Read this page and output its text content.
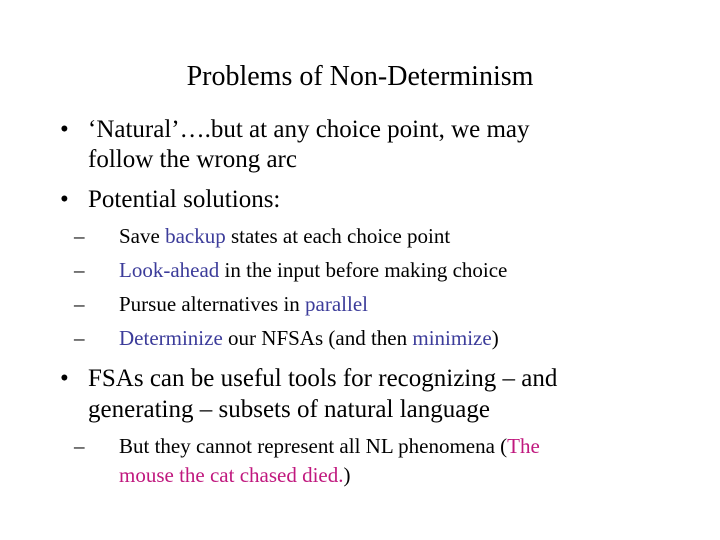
Problems of Non-Determinism
• ‘Natural’….but at any choice point, we may
follow the wrong arc
• Potential solutions:
– Save backup states at each choice point
– Look-ahead in the input before making choice
– Pursue alternatives in parallel
– Determinize our NFSAs (and then minimize)
• FSAs can be useful tools for recognizing – and
generating – subsets of natural language
– But they cannot represent all NL phenomena (The
mouse the cat chased died.)
